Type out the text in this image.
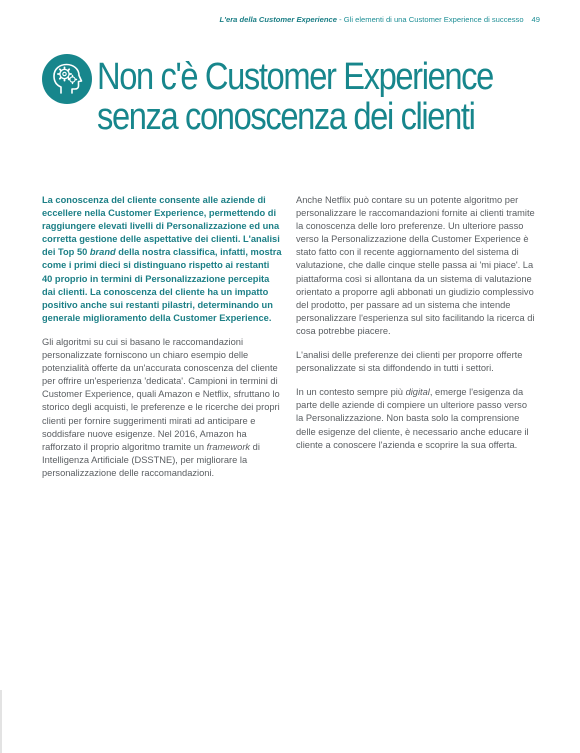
L'era della Customer Experience - Gli elementi di una Customer Experience di successo 49
Non c'è Customer Experience
senza conoscenza dei clienti

La conoscenza del cliente consente alle aziende di eccellere nella Customer Experience, permettendo di raggiungere elevati livelli di Personalizzazione ed una corretta gestione delle aspettative dei clienti. L'analisi dei Top 50 brand della nostra classifica, infatti, mostra come i primi dieci si distinguano rispetto ai restanti 40 proprio in termini di Personalizzazione percepita dai clienti. La conoscenza del cliente ha un impatto positivo anche sui restanti pilastri, determinando un generale miglioramento della Customer Experience.

Gli algoritmi su cui si basano le raccomandazioni personalizzate forniscono un chiaro esempio delle potenzialità offerte da un'accurata conoscenza del cliente per offrire un'esperienza 'dedicata'. Campioni in termini di Customer Experience, quali Amazon e Netflix, sfruttano lo storico degli acquisti, le preferenze e le ricerche dei propri clienti per fornire suggerimenti mirati ad anticipare e soddisfare nuove esigenze. Nel 2016, Amazon ha rafforzato il proprio algoritmo tramite un framework di Intelligenza Artificiale (DSSTNE), per migliorare la personalizzazione delle raccomandazioni.

Anche Netflix può contare su un potente algoritmo per personalizzare le raccomandazioni fornite ai clienti tramite la conoscenza delle loro preferenze. Un ulteriore passo verso la Personalizzazione della Customer Experience è stato fatto con il recente aggiornamento del sistema di valutazione, che dalle cinque stelle passa ai 'mi piace'. La piattaforma così si allontana da un sistema di valutazione orientato a proporre agli abbonati un giudizio complessivo del prodotto, per passare ad un sistema che intende personalizzare l'esperienza sul sito facilitando la ricerca di cosa potrebbe piacere.

L'analisi delle preferenze dei clienti per proporre offerte personalizzate si sta diffondendo in tutti i settori.

In un contesto sempre più digital, emerge l'esigenza da parte delle aziende di compiere un ulteriore passo verso la Personalizzazione. Non basta solo la comprensione delle esigenze del cliente, è necessario anche educare il cliente a conoscere l'azienda e scoprire la sua offerta.
